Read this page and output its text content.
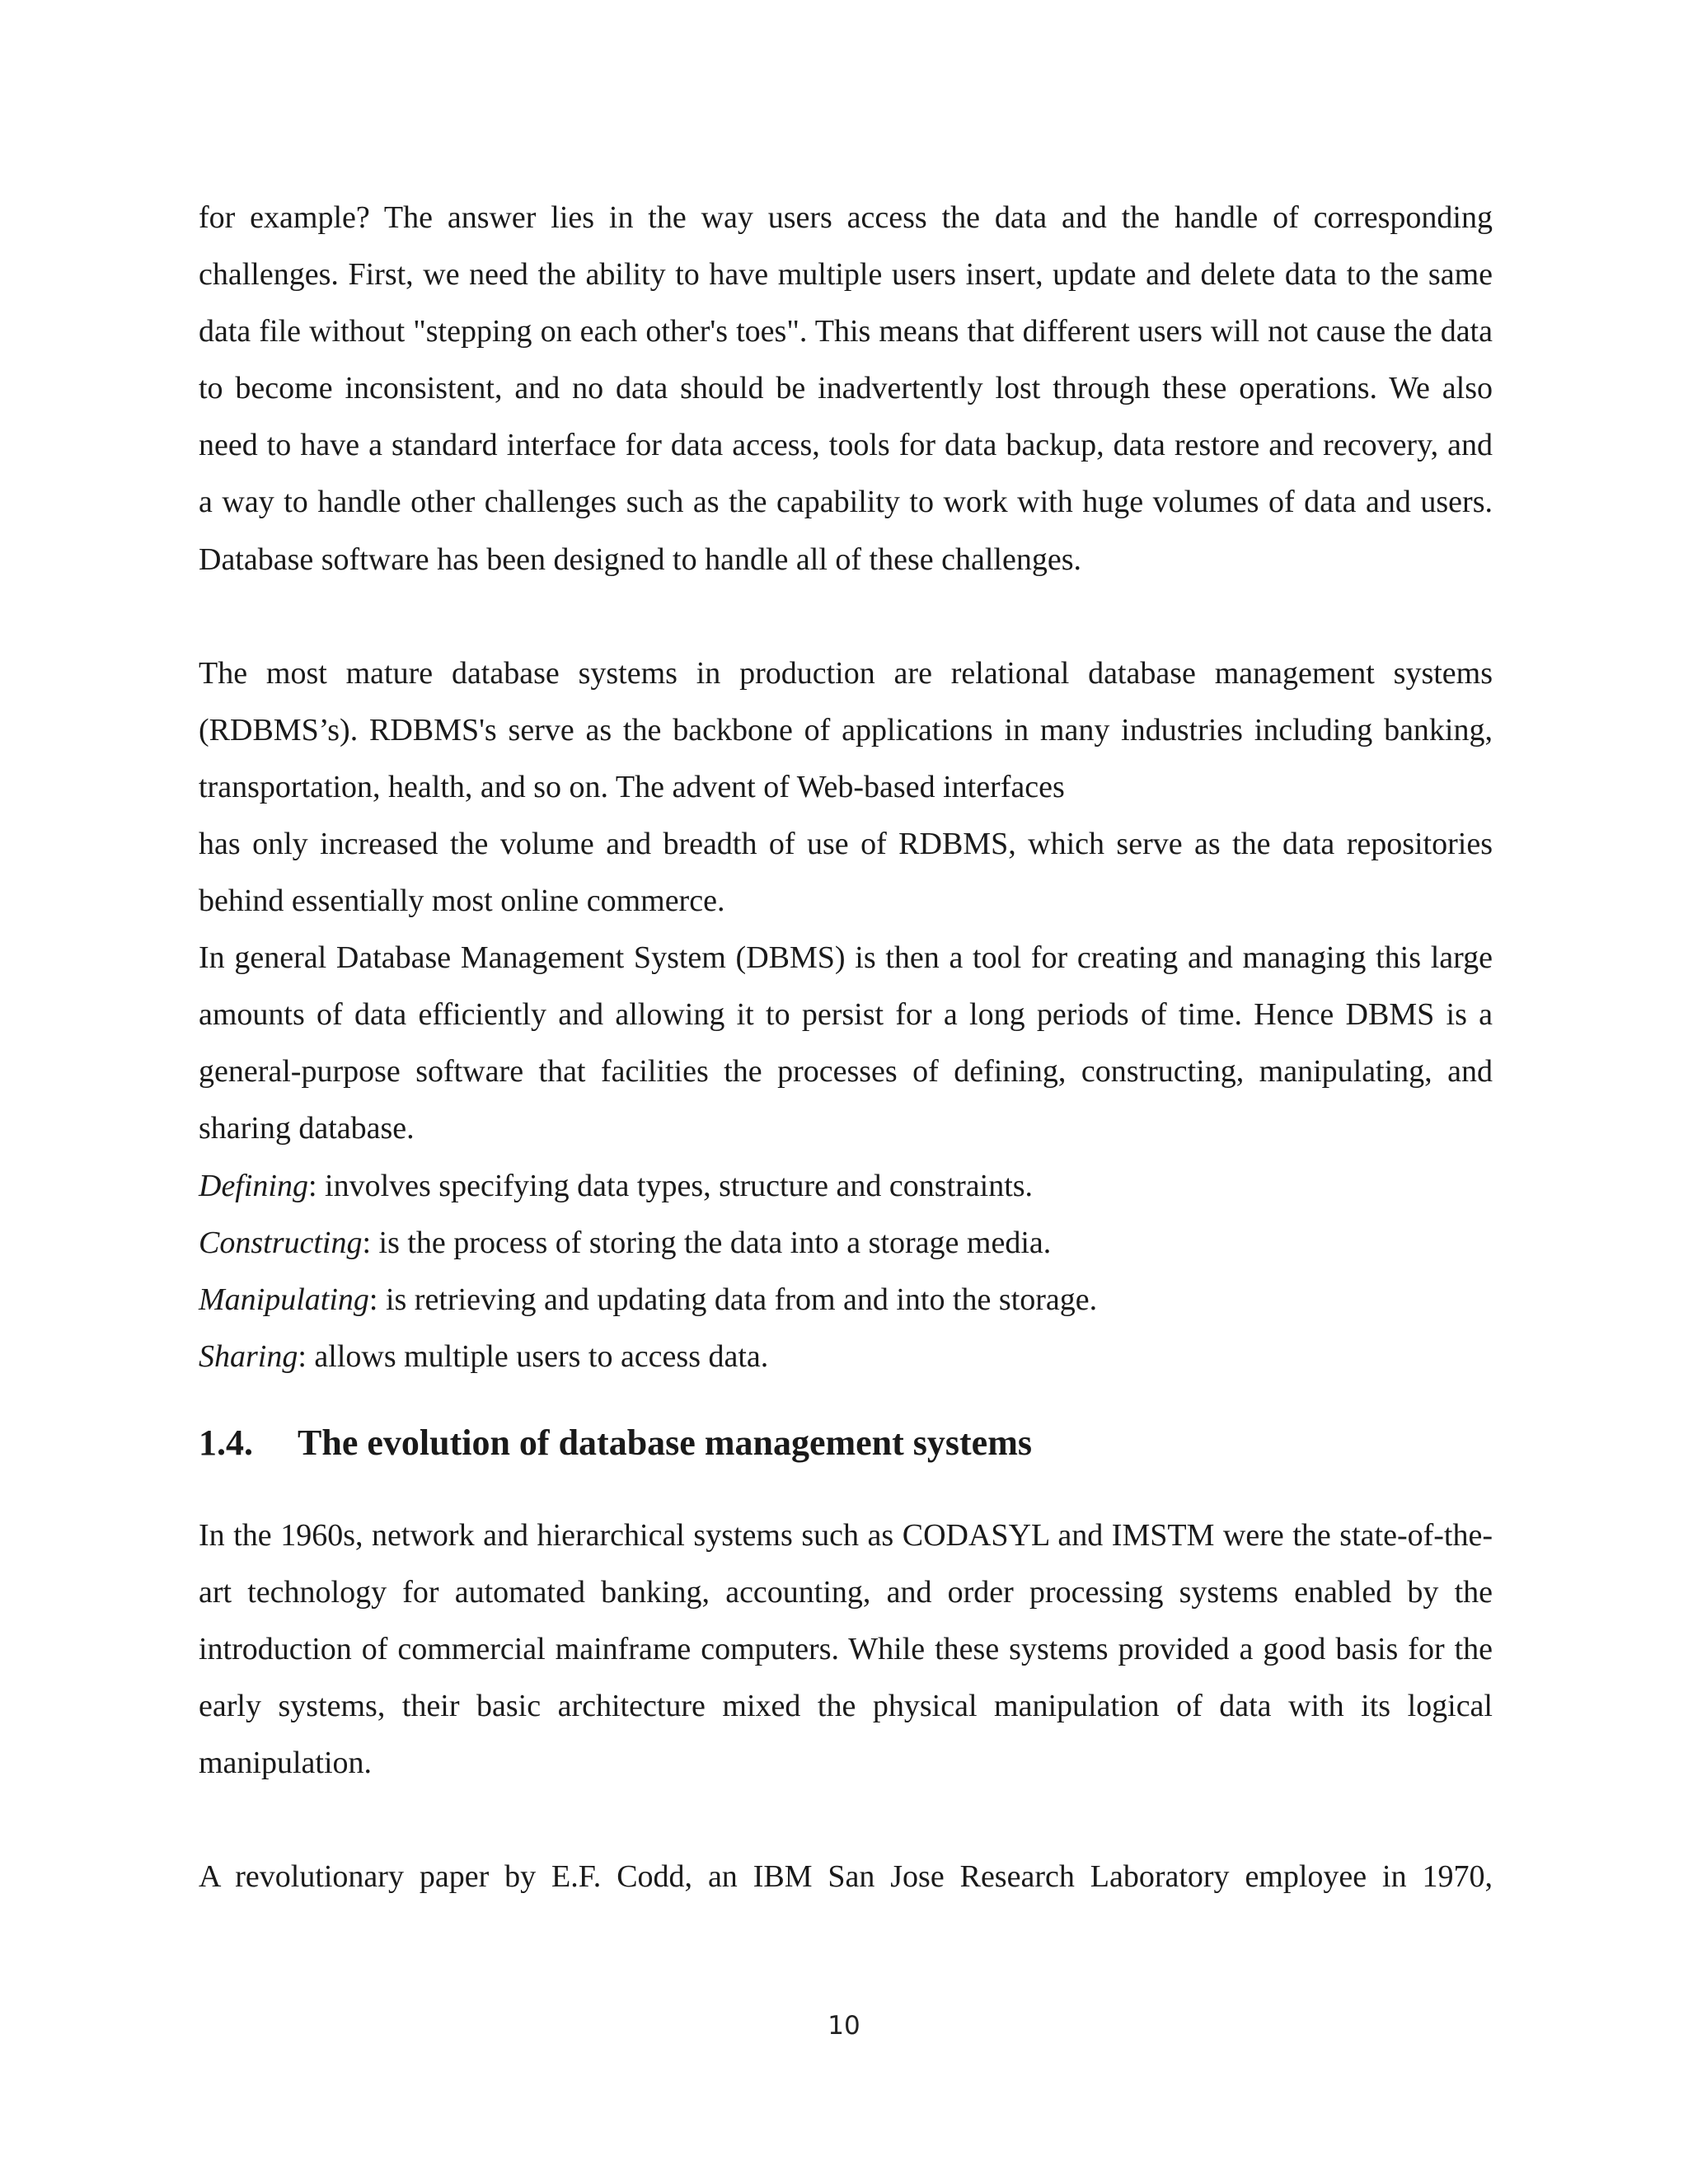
for example? The answer lies in the way users access the data and the handle of corresponding challenges. First, we need the ability to have multiple users insert, update and delete data to the same data file without "stepping on each other's toes". This means that different users will not cause the data to become inconsistent, and no data should be inadvertently lost through these operations. We also need to have a standard interface for data access, tools for data backup, data restore and recovery, and a way to handle other challenges such as the capability to work with huge volumes of data and users. Database software has been designed to handle all of these challenges.

The most mature database systems in production are relational database management systems (RDBMS’s). RDBMS's serve as the backbone of applications in many industries including banking, transportation, health, and so on. The advent of Web-based interfaces

has only increased the volume and breadth of use of RDBMS, which serve as the data repositories behind essentially most online commerce.

In general Database Management System (DBMS) is then a tool for creating and managing this large amounts of data efficiently and allowing it to persist for a long periods of time. Hence DBMS is a general-purpose software that facilities the processes of defining, constructing, manipulating, and sharing database.

Defining: involves specifying data types, structure and constraints.

Constructing: is the process of storing the data into a storage media.

Manipulating: is retrieving and updating data from and into the storage.

Sharing: allows multiple users to access data.

1.4.	The evolution of database management systems

In the 1960s, network and hierarchical systems such as CODASYL and IMSTM were the state-of-the-art technology for automated banking, accounting, and order processing systems enabled by the introduction of commercial mainframe computers. While these systems provided a good basis for the early systems, their basic architecture mixed the physical manipulation of data with its logical manipulation.

A revolutionary paper by E.F. Codd, an IBM San Jose Research Laboratory employee in 1970,

10
